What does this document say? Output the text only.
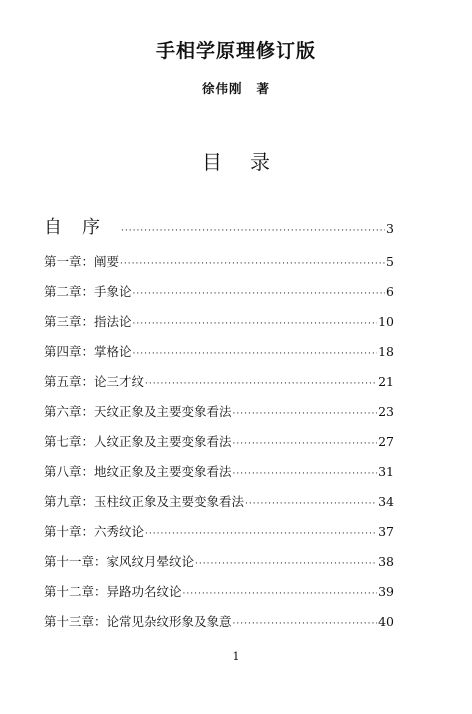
手相学原理修订版
徐伟刚 著
目录
自序 ·····	3
第一章：阐要 ·····	5
第二章：手象论 ·····	6
第三章：指法论 ·····	10
第四章：掌格论 ·····	18
第五章：论三才纹 ·····	21
第六章：天纹正象及主要变象看法 ·····	23
第七章：人纹正象及主要变象看法 ·····	27
第八章：地纹正象及主要变象看法 ·····	31
第九章：玉柱纹正象及主要变象看法 ·····	34
第十章：六秀纹论 ·····	37
第十一章：家风纹月晕纹论 ·····	38
第十二章：异路功名纹论 ·····	39
第十三章：论常见杂纹形象及象意 ·····	40
1
